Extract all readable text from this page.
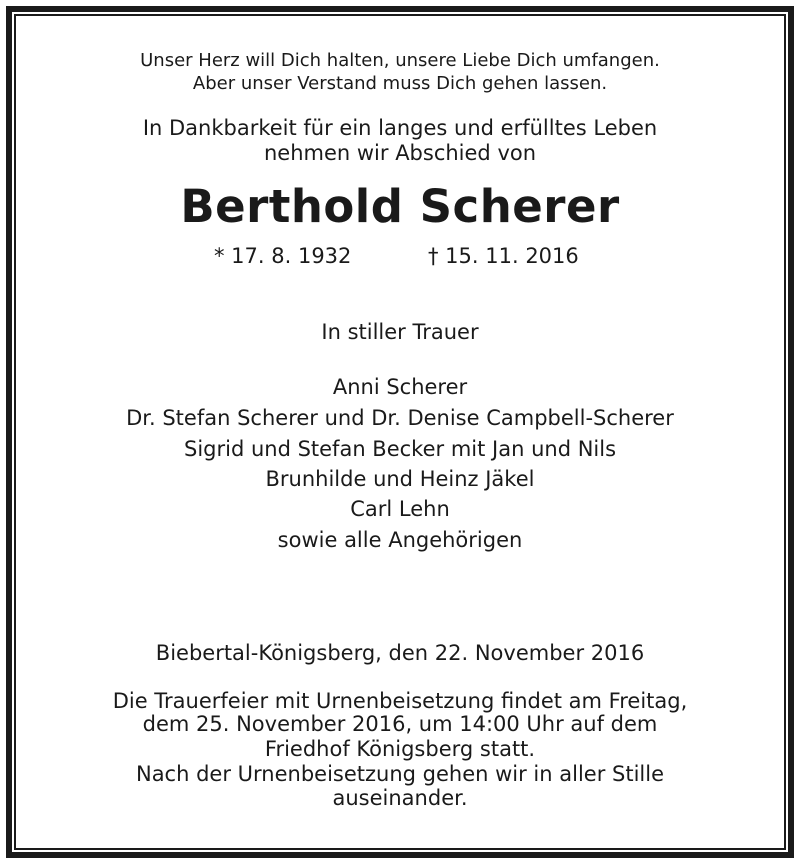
Unser Herz will Dich halten, unsere Liebe Dich umfangen.
Aber unser Verstand muss Dich gehen lassen.
In Dankbarkeit für ein langes und erfülltes Leben
nehmen wir Abschied von
Berthold Scherer
* 17. 8. 1932	† 15. 11. 2016
In stiller Trauer
Anni Scherer
Dr. Stefan Scherer und Dr. Denise Campbell-Scherer
Sigrid und Stefan Becker mit Jan und Nils
Brunhilde und Heinz Jäkel
Carl Lehn
sowie alle Angehörigen
Biebertal-Königsberg, den 22. November 2016
Die Trauerfeier mit Urnenbeisetzung findet am Freitag,
dem 25. November 2016, um 14:00 Uhr auf dem
Friedhof Königsberg statt.
Nach der Urnenbeisetzung gehen wir in aller Stille
auseinander.
